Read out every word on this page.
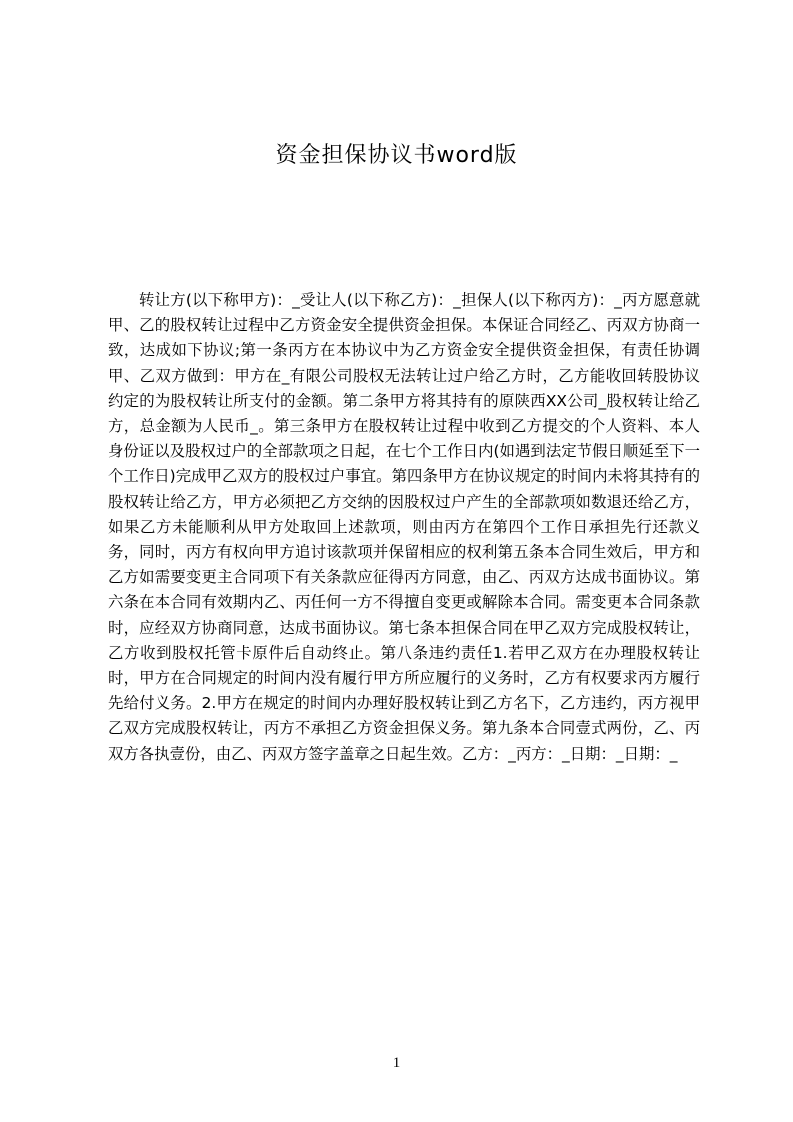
资金担保协议书word版

转让方(以下称甲方)：_受让人(以下称乙方)：_担保人(以下称丙方)：_丙方愿意就甲、乙的股权转让过程中乙方资金安全提供资金担保。本保证合同经乙、丙双方协商一致，达成如下协议;第一条丙方在本协议中为乙方资金安全提供资金担保，有责任协调甲、乙双方做到：甲方在_有限公司股权无法转让过户给乙方时，乙方能收回转股协议约定的为股权转让所支付的金额。第二条甲方将其持有的原陕西XX公司_股权转让给乙方，总金额为人民币_。第三条甲方在股权转让过程中收到乙方提交的个人资料、本人身份证以及股权过户的全部款项之日起，在七个工作日内(如遇到法定节假日顺延至下一个工作日)完成甲乙双方的股权过户事宜。第四条甲方在协议规定的时间内未将其持有的股权转让给乙方，甲方必须把乙方交纳的因股权过户产生的全部款项如数退还给乙方，如果乙方未能顺利从甲方处取回上述款项，则由丙方在第四个工作日承担先行还款义务，同时，丙方有权向甲方追讨该款项并保留相应的权利第五条本合同生效后，甲方和乙方如需要变更主合同项下有关条款应征得丙方同意，由乙、丙双方达成书面协议。第六条在本合同有效期内乙、丙任何一方不得擅自变更或解除本合同。需变更本合同条款时，应经双方协商同意，达成书面协议。第七条本担保合同在甲乙双方完成股权转让，乙方收到股权托管卡原件后自动终止。第八条违约责任1.若甲乙双方在办理股权转让时，甲方在合同规定的时间内没有履行甲方所应履行的义务时，乙方有权要求丙方履行先给付义务。2.甲方在规定的时间内办理好股权转让到乙方名下，乙方违约，丙方视甲乙双方完成股权转让，丙方不承担乙方资金担保义务。第九条本合同壹式两份，乙、丙双方各执壹份，由乙、丙双方签字盖章之日起生效。乙方：_丙方：_日期：_日期：_

1
